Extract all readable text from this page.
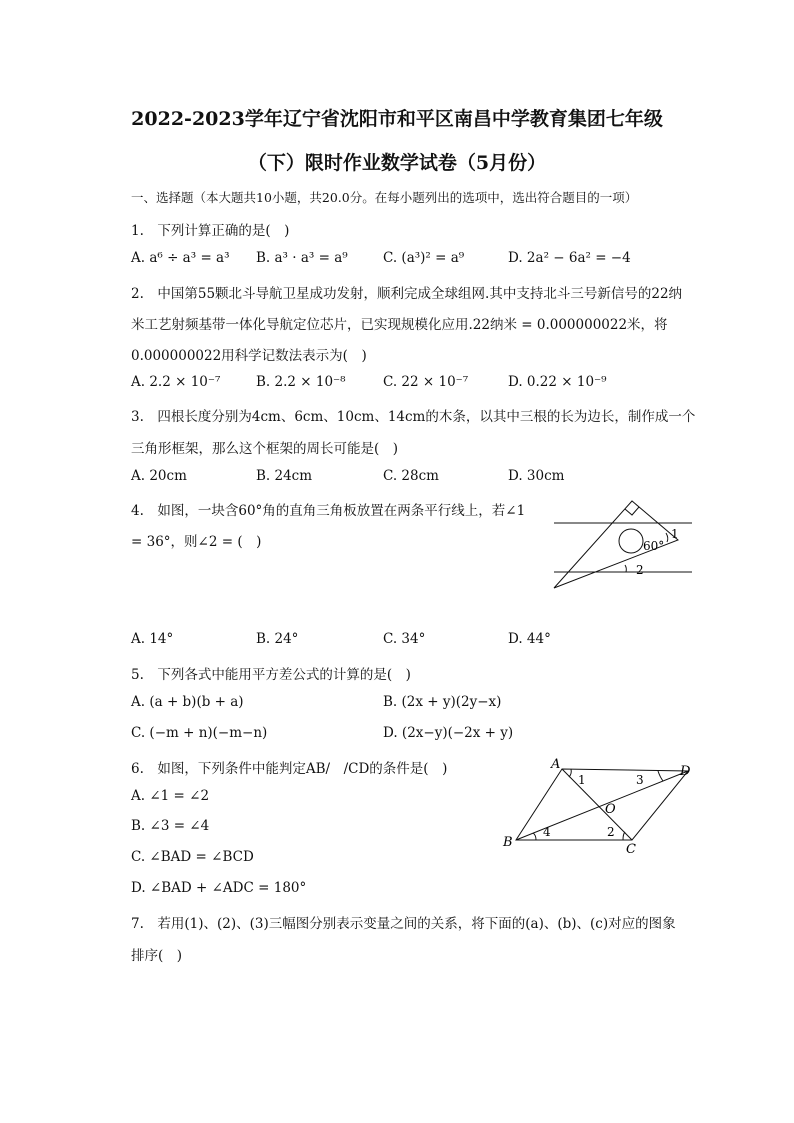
2022-2023学年辽宁省沈阳市和平区南昌中学教育集团七年级
（下）限时作业数学试卷（5月份）
一、选择题（本大题共10小题，共20.0分。在每小题列出的选项中，选出符合题目的一项）
1.　下列计算正确的是(　)
A. a⁶ ÷ a³ = a³ B. a³ · a³ = a⁹	C. (a³)² = a⁹	D. 2a² − 6a² = −4
2.　中国第55颗北斗导航卫星成功发射，顺利完成全球组网.其中支持北斗三号新信号的22纳
米工艺射频基带一体化导航定位芯片，已实现规模化应用.22纳米 = 0.000000022米，将
0.000000022用科学记数法表示为(　)
A. 2.2 × 10⁻⁷	B. 2.2 × 10⁻⁸	C. 22 × 10⁻⁷	D. 0.22 × 10⁻⁹
3.　四根长度分别为4cm、6cm、10cm、14cm的木条，以其中三根的长为边长，制作成一个
三角形框架，那么这个框架的周长可能是(　)
A. 20cm	B. 24cm	C. 28cm	D. 30cm
4.　如图，一块含60°角的直角三角板放置在两条平行线上，若∠1
= 36°，则∠2 = (　)	60°
1
2
A. 14°	B. 24°	C. 34°	D. 44°
5.　下列各式中能用平方差公式的计算的是(　)
A. (a + b)(b + a)	B. (2x + y)(2y−x)
C. (−m + n)(−m−n)	D. (2x−y)(−2x + y)
6.　如图，下列条件中能判定AB/　/CD的条件是(　)	A	D
B	C
O
1
2
3
4
A. ∠1 = ∠2
B. ∠3 = ∠4
C. ∠BAD = ∠BCD
D. ∠BAD + ∠ADC = 180°
7.　若用(1)、(2)、(3)三幅图分别表示变量之间的关系，将下面的(a)、(b)、(c)对应的图象
排序(　)
